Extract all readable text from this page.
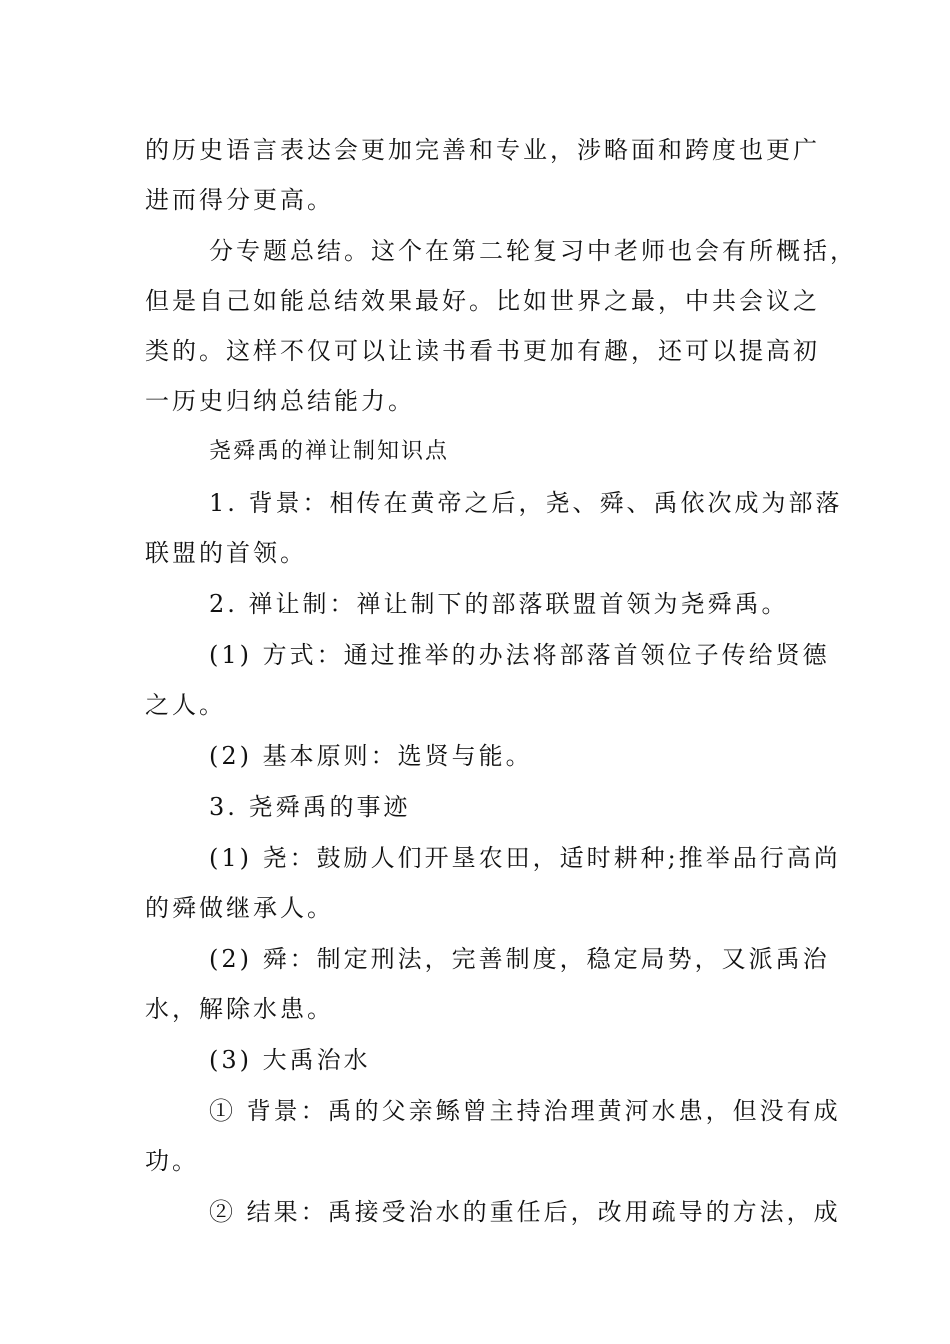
的历史语言表达会更加完善和专业，涉略面和跨度也更广
进而得分更高。
分专题总结。这个在第二轮复习中老师也会有所概括，
但是自己如能总结效果最好。比如世界之最，中共会议之
类的。这样不仅可以让读书看书更加有趣，还可以提高初
一历史归纳总结能力。
尧舜禹的禅让制知识点
1. 背景：相传在黄帝之后，尧、舜、禹依次成为部落
联盟的首领。
2. 禅让制：禅让制下的部落联盟首领为尧舜禹。
(1) 方式：通过推举的办法将部落首领位子传给贤德
之人。
(2) 基本原则：选贤与能。
3. 尧舜禹的事迹
(1) 尧：鼓励人们开垦农田，适时耕种;推举品行高尚
的舜做继承人。
(2) 舜：制定刑法，完善制度，稳定局势，又派禹治
水，解除水患。
(3) 大禹治水
① 背景：禹的父亲鲧曾主持治理黄河水患，但没有成
功。
② 结果：禹接受治水的重任后，改用疏导的方法，成
